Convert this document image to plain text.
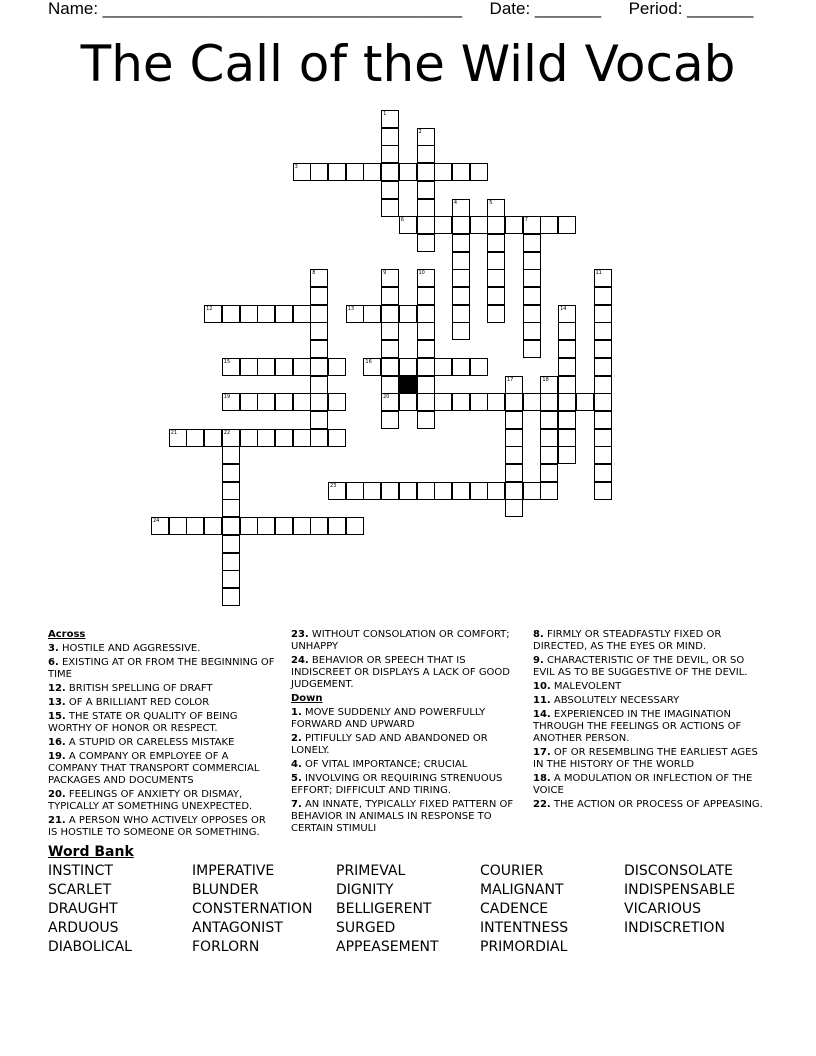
Name: ______________________________________ Date: _______ Period: _______
The Call of the Wild Vocab
1
2
3
4	5
6	7
8	9
20
10	11
12	13	14
15	16
17	18
19
21	22
23
24
Across
3. HOSTILE AND AGGRESSIVE.
6. EXISTING AT OR FROM THE BEGINNING OF TIME
12. BRITISH SPELLING OF DRAFT
13. OF A BRILLIANT RED COLOR
15. THE STATE OR QUALITY OF BEING WORTHY OF HONOR OR RESPECT.
16. A STUPID OR CARELESS MISTAKE
19. A COMPANY OR EMPLOYEE OF A COMPANY THAT TRANSPORT COMMERCIAL PACKAGES AND DOCUMENTS
20. FEELINGS OF ANXIETY OR DISMAY, TYPICALLY AT SOMETHING UNEXPECTED.
21. A PERSON WHO ACTIVELY OPPOSES OR IS HOSTILE TO SOMEONE OR SOMETHING.
23. WITHOUT CONSOLATION OR COMFORT; UNHAPPY
24. BEHAVIOR OR SPEECH THAT IS INDISCREET OR DISPLAYS A LACK OF GOOD JUDGEMENT.
Down
1. MOVE SUDDENLY AND POWERFULLY FORWARD AND UPWARD
2. PITIFULLY SAD AND ABANDONED OR LONELY.
4. OF VITAL IMPORTANCE; CRUCIAL
5. INVOLVING OR REQUIRING STRENUOUS EFFORT; DIFFICULT AND TIRING.
7. AN INNATE, TYPICALLY FIXED PATTERN OF BEHAVIOR IN ANIMALS IN RESPONSE TO CERTAIN STIMULI
8. FIRMLY OR STEADFASTLY FIXED OR DIRECTED, AS THE EYES OR MIND.
9. CHARACTERISTIC OF THE DEVIL, OR SO EVIL AS TO BE SUGGESTIVE OF THE DEVIL.
10. MALEVOLENT
11. ABSOLUTELY NECESSARY
14. EXPERIENCED IN THE IMAGINATION THROUGH THE FEELINGS OR ACTIONS OF ANOTHER PERSON.
17. OF OR RESEMBLING THE EARLIEST AGES IN THE HISTORY OF THE WORLD
18. A MODULATION OR INFLECTION OF THE VOICE
22. THE ACTION OR PROCESS OF APPEASING.
Word Bank
INSTINCT
SCARLET
DRAUGHT
ARDUOUS
DIABOLICAL
IMPERATIVE
BLUNDER
CONSTERNATION
ANTAGONIST
FORLORN
PRIMEVAL
DIGNITY
BELLIGERENT
SURGED
APPEASEMENT
COURIER
MALIGNANT
CADENCE
INTENTNESS
PRIMORDIAL
DISCONSOLATE
INDISPENSABLE
VICARIOUS
INDISCRETION
